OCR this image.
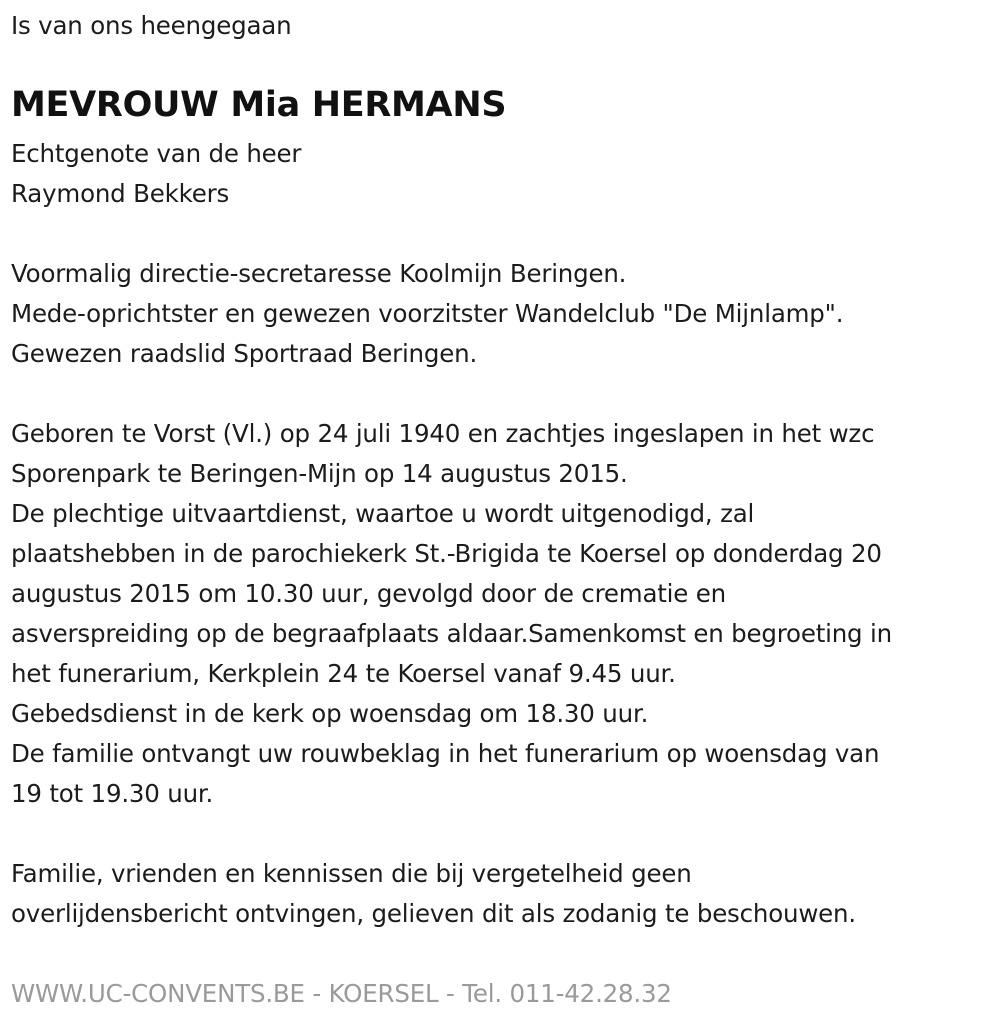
Is van ons heengegaan
MEVROUW Mia HERMANS
Echtgenote van de heer
Raymond Bekkers
Voormalig directie-secretaresse Koolmijn Beringen.
Mede-oprichtster en gewezen voorzitster Wandelclub "De Mijnlamp".
Gewezen raadslid Sportraad Beringen.
Geboren te Vorst (Vl.) op 24 juli 1940 en zachtjes ingeslapen in het wzc
Sporenpark te Beringen-Mijn op 14 augustus 2015.
De plechtige uitvaartdienst, waartoe u wordt uitgenodigd, zal
plaatshebben in de parochiekerk St.-Brigida te Koersel op donderdag 20
augustus 2015 om 10.30 uur, gevolgd door de crematie en
asverspreiding op de begraafplaats aldaar.Samenkomst en begroeting in
het funerarium, Kerkplein 24 te Koersel vanaf 9.45 uur.
Gebedsdienst in de kerk op woensdag om 18.30 uur.
De familie ontvangt uw rouwbeklag in het funerarium op woensdag van
19 tot 19.30 uur.
Familie, vrienden en kennissen die bij vergetelheid geen
overlijdensbericht ontvingen, gelieven dit als zodanig te beschouwen.
WWW.UC-CONVENTS.BE - KOERSEL - Tel. 011-42.28.32
